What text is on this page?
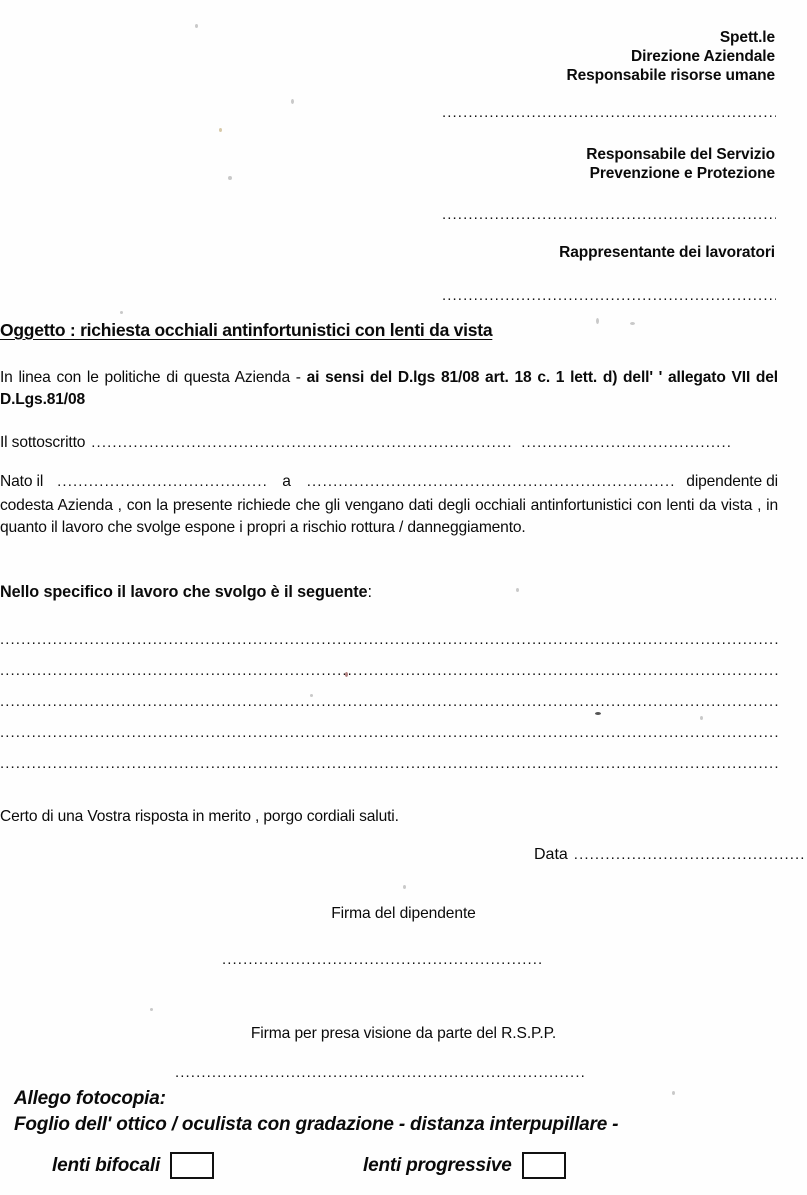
Spett.le
Direzione Aziendale
Responsabile risorse umane
.....
Responsabile del Servizio
Prevenzione e Protezione
.....
Rappresentante dei lavoratori
.....
Oggetto : richiesta occhiali antinfortunistici con lenti da vista
In linea con le politiche di questa Azienda - ai sensi del D.lgs 81/08 art. 18 c. 1 lett. d) dell' ' allegato VII del D.Lgs.81/08
Il sottoscritto
.....
.....
Nato il .....	a .....	dipendente di
codesta Azienda , con la presente richiede che gli vengano dati degli occhiali antinfortunistici con lenti da vista , in quanto il lavoro che svolge espone i propri a rischio rottura / danneggiamento.
Nello specifico il lavoro che svolgo è il seguente:
.....
.....
.....
.....
.....
Certo di una Vostra risposta in merito , porgo cordiali saluti.
Data
.....
Firma del dipendente
.....
Firma per presa visione da parte del R.S.P.P.
.....
Allego fotocopia:
Foglio dell' ottico / oculista con gradazione - distanza interpupillare -
lenti bifocali	lenti progressive
